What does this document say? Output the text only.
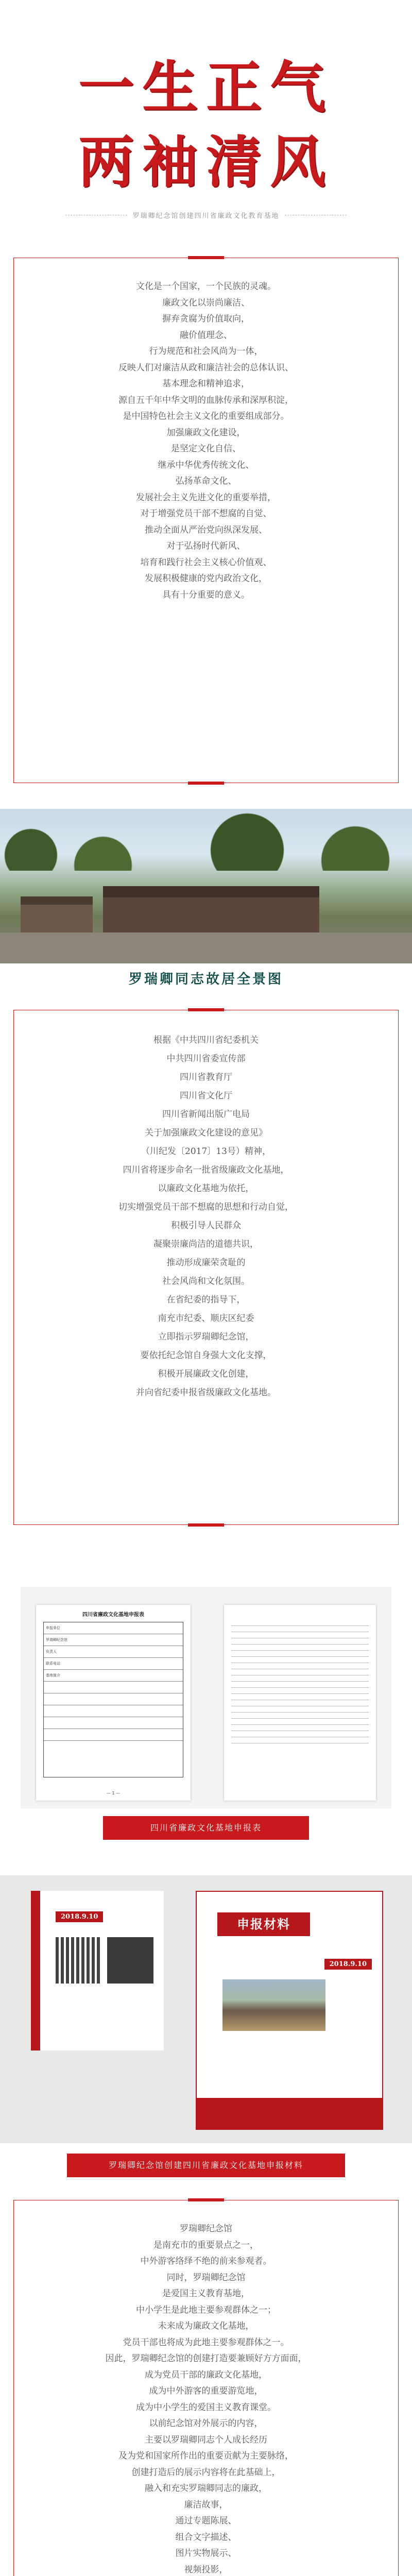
一生正气
两袖清风
罗瑞卿纪念馆创建四川省廉政文化教育基地
文化是一个国家，一个民族的灵魂。
廉政文化以崇尚廉洁、
摒弃贪腐为价值取向，
融价值理念、
行为规范和社会风尚为一体，
反映人们对廉洁从政和廉洁社会的总体认识、
基本理念和精神追求，
源自五千年中华文明的血脉传承和深厚积淀，
是中国特色社会主义文化的重要组成部分。
加强廉政文化建设，
是坚定文化自信、
继承中华优秀传统文化、
弘扬革命文化、
发展社会主义先进文化的重要举措，
对于增强党员干部不想腐的自觉、
推动全面从严治党向纵深发展、
对于弘扬时代新风、
培育和践行社会主义核心价值观、
发展积极健康的党内政治文化，
具有十分重要的意义。
罗瑞卿同志故居全景图
根据《中共四川省纪委机关
中共四川省委宣传部
四川省教育厅
四川省文化厅
四川省新闻出版广电局
关于加强廉政文化建设的意见》
（川纪发〔2017〕13号）精神，
四川省将逐步命名一批省级廉政文化基地，
以廉政文化基地为依托，
切实增强党员干部不想腐的思想和行动自觉，
积极引导人民群众
凝聚崇廉尚洁的道德共识，
推动形成廉荣贪耻的
社会风尚和文化氛围。
在省纪委的指导下，
南充市纪委、顺庆区纪委
立即指示罗瑞卿纪念馆，
要依托纪念馆自身强大文化支撑，
积极开展廉政文化创建，
并向省纪委申报省级廉政文化基地。
四川省廉政文化基地申报表
申报单位
罗瑞卿纪念馆
负责人
联系电话
基地简介
— 1 —
四川省廉政文化基地申报表
2018.9.10
申报材料
2018.9.10
罗瑞卿纪念馆创建四川省廉政文化基地申报材料
罗瑞卿纪念馆
是南充市的重要景点之一，
中外游客络绎不绝的前来参观者。
同时，罗瑞卿纪念馆
是爱国主义教育基地，
中小学生是此地主要参观群体之一；
未来成为廉政文化基地，
党员干部也将成为此地主要参观群体之一。
因此，罗瑞卿纪念馆的创建打造要兼顾好方方面面，
成为党员干部的廉政文化基地，
成为中外游客的重要游览地，
成为中小学生的爱国主义教育课堂。
以前纪念馆对外展示的内容，
主要以罗瑞卿同志个人成长经历
及为党和国家所作出的重要贡献为主要脉络，
创建打造后的展示内容将在此基础上，
融入和充实罗瑞卿同志的廉政，
廉洁故事，
通过专题陈展、
组合文字描述、
图片实物展示、
视频投影，
